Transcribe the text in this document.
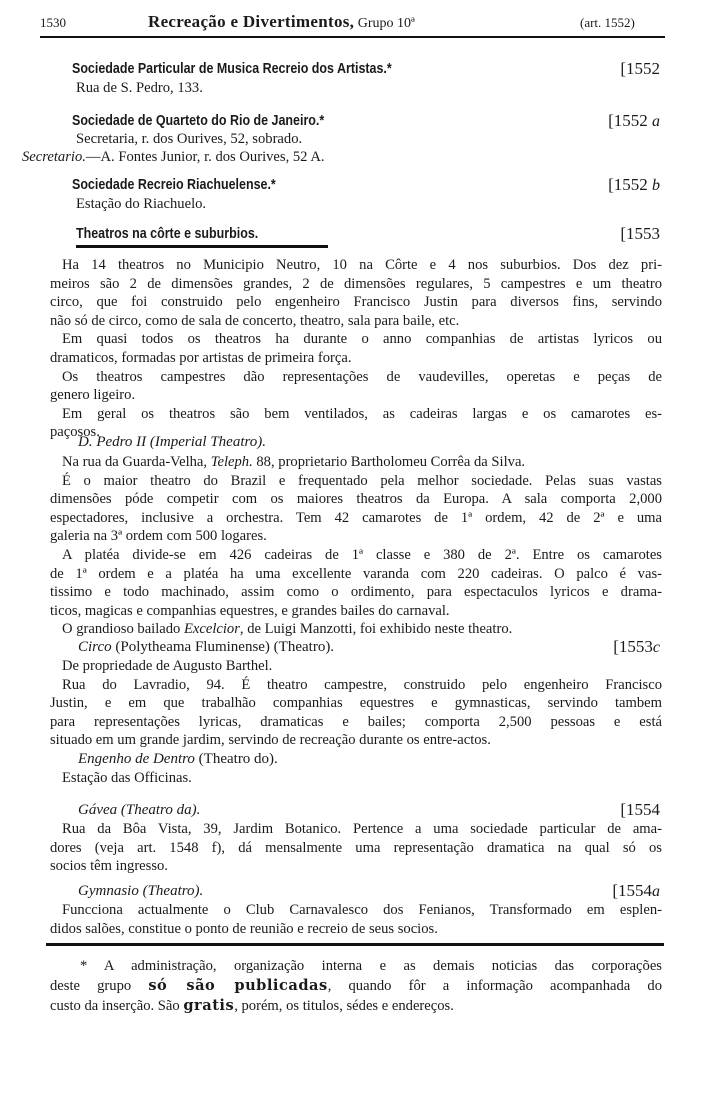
1530	Recreação e Divertimentos, Grupo 10ª	(art. 1552)
Sociedade Particular de Musica Recreio dos Artistas.*	[1552
Rua de S. Pedro, 133.
Sociedade de Quarteto do Rio de Janeiro.*	[1552 a
Secretaria, r. dos Ourives, 52, sobrado.
Secretario.—A. Fontes Junior, r. dos Ourives, 52 A.
Sociedade Recreio Riachuelense.*	[1552 b
Estação do Riachuelo.
Theatros na côrte e suburbios.	[1553
Ha 14 theatros no Municipio Neutro, 10 na Côrte e 4 nos suburbios. Dos dez pri-
meiros são 2 de dimensões grandes, 2 de dimensões regulares, 5 campestres e um theatro
circo, que foi construido pelo engenheiro Francisco Justin para diversos fins, servindo
não só de circo, como de sala de concerto, theatro, sala para baile, etc.
Em quasi todos os theatros ha durante o anno companhias de artistas lyricos ou
dramaticos, formadas por artistas de primeira força.
Os theatros campestres dão representações de vaudevilles, operetas e peças de
genero ligeiro.
Em geral os theatros são bem ventilados, as cadeiras largas e os camarotes es-
paçosos.
D. Pedro II (Imperial Theatro).
Na rua da Guarda-Velha, Teleph. 88, proprietario Bartholomeu Corrêa da Silva.
É o maior theatro do Brazil e frequentado pela melhor sociedade. Pelas suas vastas
dimensões póde competir com os maiores theatros da Europa. A sala comporta 2,000
espectadores, inclusive a orchestra. Tem 42 camarotes de 1ª ordem, 42 de 2ª e uma
galeria na 3ª ordem com 500 logares.
A platéa divide-se em 426 cadeiras de 1ª classe e 380 de 2ª. Entre os camarotes
de 1ª ordem e a platéa ha uma excellente varanda com 220 cadeiras. O palco é vas-
tissimo e todo machinado, assim como o ordimento, para espectaculos lyricos e drama-
ticos, magicas e companhias equestres, e grandes bailes do carnaval.
O grandioso bailado Excelcior, de Luigi Manzotti, foi exhibido neste theatro.
Circo (Polytheama Fluminense) (Theatro).	[1553c
De propriedade de Augusto Barthel.
Rua do Lavradio, 94. É theatro campestre, construido pelo engenheiro Francisco
Justin, e em que trabalhão companhias equestres e gymnasticas, servindo tambem
para representações lyricas, dramaticas e bailes; comporta 2,500 pessoas e está
situado em um grande jardim, servindo de recreação durante os entre-actos.
Engenho de Dentro (Theatro do).
Estação das Officinas.
Gávea (Theatro da).	[1554
Rua da Bôa Vista, 39, Jardim Botanico. Pertence a uma sociedade particular de ama-
dores (veja art. 1548 f), dá mensalmente uma representação dramatica na qual só os
socios têm ingresso.
Gymnasio (Theatro).	[1554a
Funcciona actualmente o Club Carnavalesco dos Fenianos, Transformado em esplen-
didos salões, constitue o ponto de reunião e recreio de seus socios.
* A administração, organização interna e as demais noticias das corporações
deste grupo só são publicadas, quando fôr a informação acompanhada do
custo da inserção. São gratis, porém, os titulos, sédes e endereços.
